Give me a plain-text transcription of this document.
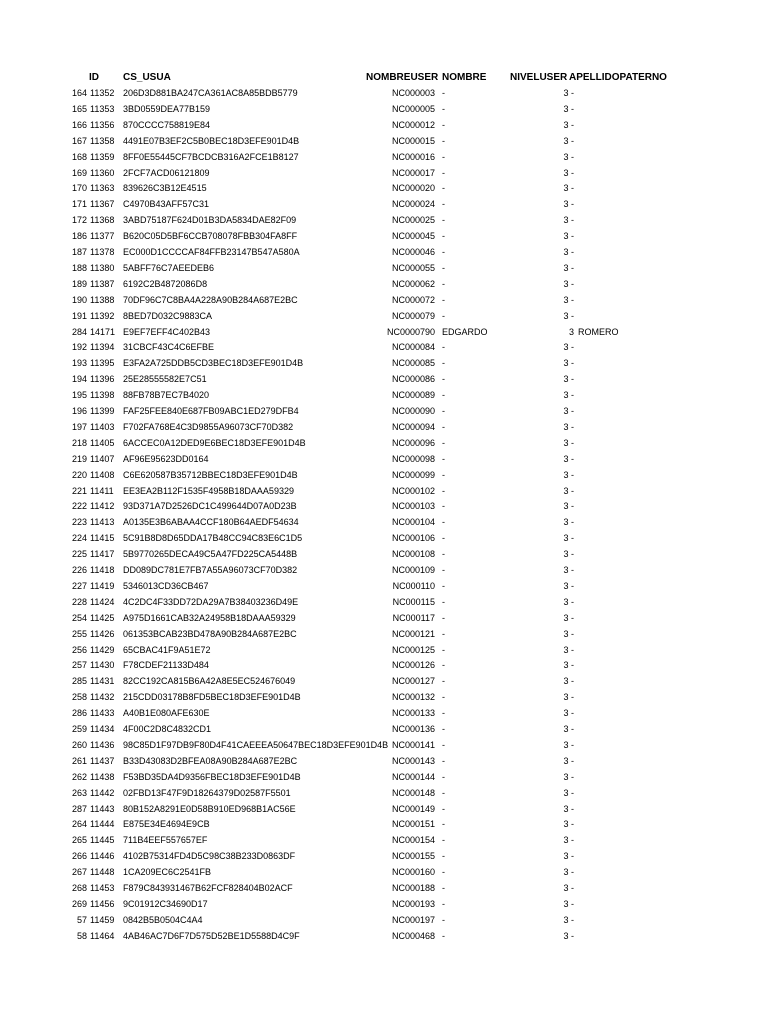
ID CS_USUA	NOMBREUSER NOMBRE NIVELUSER APELLIDOPATERNO
164 11352 206D3D881BA247CA361AC8A85BDB5779	NC000003 -	3 -
165 11353 3BD0559DEA77B159	NC000005 -	3 -
166 11356 870CCCC758819E84	NC000012 -	3 -
167 11358 4491E07B3EF2C5B0BEC18D3EFE901D4B	NC000015 -	3 -
168 11359 8FF0E55445CF7BCDCB316A2FCE1B8127	NC000016 -	3 -
169 11360 2FCF7ACD06121809	NC000017 -	3 -
170 11363 839626C3B12E4515	NC000020 -	3 -
171 11367 C4970B43AFF57C31	NC000024 -	3 -
172 11368 3ABD75187F624D01B3DA5834DAE82F09	NC000025 -	3 -
186 11377 B620C05D5BF6CCB708078FBB304FA8FF	NC000045 -	3 -
187 11378 EC000D1CCCCAF84FFB23147B547A580A	NC000046 -	3 -
188 11380 5ABFF76C7AEEDEB6	NC000055 -	3 -
189 11387 6192C2B4872086D8	NC000062 -	3 -
190 11388 70DF96C7C8BA4A228A90B284A687E2BC	NC000072 -	3 -
191 11392 8BED7D032C9883CA	NC000079 -	3 -
284 14171 E9EF7EFF4C402B43	NC0000790 EDGARDO	3 ROMERO
192 11394 31CBCF43C4C6EFBE	NC000084 -	3 -
193 11395 E3FA2A725DDB5CD3BEC18D3EFE901D4B	NC000085 -	3 -
194 11396 25E28555582E7C51	NC000086 -	3 -
195 11398 88FB78B7EC7B4020	NC000089 -	3 -
196 11399 FAF25FEE840E687FB09ABC1ED279DFB4	NC000090 -	3 -
197 11403 F702FA768E4C3D9855A96073CF70D382	NC000094 -	3 -
218 11405 6ACCEC0A12DED9E6BEC18D3EFE901D4B	NC000096 -	3 -
219 11407 AF96E95623DD0164	NC000098 -	3 -
220 11408 C6E620587B35712BBEC18D3EFE901D4B	NC000099 -	3 -
221 11411	EE3EA2B112F1535F4958B18DAAA59329	NC000102 -	3 -
222 11412 93D371A7D2526DC1C499644D07A0D23B	NC000103 -	3 -
223 11413 A0135E3B6ABAA4CCF180B64AEDF54634	NC000104 -	3 -
224 11415 5C91B8D8D65DDA17B48CC94C83E6C1D5	NC000106 -	3 -
225 11417 5B9770265DECA49C5A47FD225CA5448B	NC000108 -	3 -
226 11418 DD089DC781E7FB7A55A96073CF70D382	NC000109 -	3 -
227 11419 5346013CD36CB467	NC000110 -	3 -
228 11424 4C2DC4F33DD72DA29A7B38403236D49E	NC000115 -	3 -
254 11425 A975D1661CAB32A24958B18DAAA59329	NC000117 -	3 -
255 11426 061353BCAB23BD478A90B284A687E2BC	NC000121 -	3 -
256 11429 65CBAC41F9A51E72	NC000125 -	3 -
257 11430 F78CDEF21133D484	NC000126 -	3 -
285 11431 82CC192CA815B6A42A8E5EC524676049	NC000127 -	3 -
258 11432 215CDD03178B8FD5BEC18D3EFE901D4B	NC000132 -	3 -
286 11433 A40B1E080AFE630E	NC000133 -	3 -
259 11434 4F00C2D8C4832CD1	NC000136 -	3 -
260 11436 98C85D1F97DB9F80D4F41CAEEEA50647BEC18D3EFE901D4B NC000141 -	3 -
261 11437 B33D43083D2BFEA08A90B284A687E2BC	NC000143 -	3 -
262 11438 F53BD35DA4D9356FBEC18D3EFE901D4B	NC000144 -	3 -
263 11442 02FBD13F47F9D18264379D02587F5501	NC000148 -	3 -
287 11443 80B152A8291E0D58B910ED968B1AC56E	NC000149 -	3 -
264 11444 E875E34E4694E9CB	NC000151 -	3 -
265 11445 711B4EEF557657EF	NC000154 -	3 -
266 11446 4102B75314FD4D5C98C38B233D0863DF	NC000155 -	3 -
267 11448 1CA209EC6C2541FB	NC000160 -	3 -
268 11453 F879C843931467B62FCF828404B02ACF	NC000188 -	3 -
269 11456 9C01912C34690D17	NC000193 -	3 -
57 11459 0842B5B0504C4A4	NC000197 -	3 -
58 11464 4AB46AC7D6F7D575D52BE1D5588D4C9F	NC000468 -	3 -
